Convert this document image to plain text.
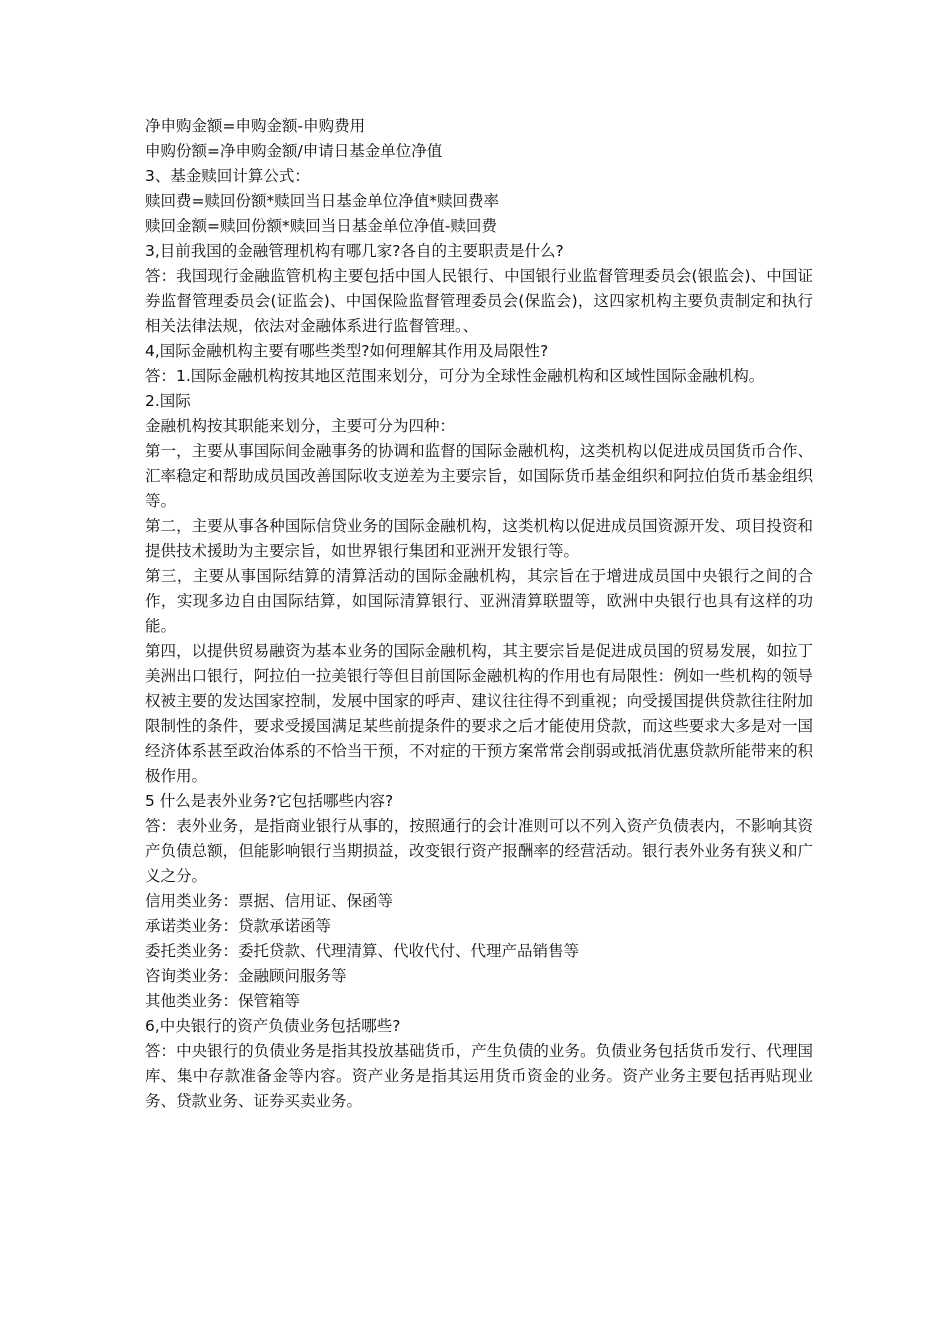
净申购金额=申购金额-申购费用

申购份额=净申购金额/申请日基金单位净值

3、基金赎回计算公式：

赎回费=赎回份额*赎回当日基金单位净值*赎回费率

赎回金额=赎回份额*赎回当日基金单位净值-赎回费

3,目前我国的金融管理机构有哪几家?各自的主要职责是什么?

答：我国现行金融监管机构主要包括中国人民银行、中国银行业监督管理委员会(银监会)、中国证券监督管理委员会(证监会)、中国保险监督管理委员会(保监会)，这四家机构主要负责制定和执行相关法律法规，依法对金融体系进行监督管理。、

4,国际金融机构主要有哪些类型?如何理解其作用及局限性?

答：1.国际金融机构按其地区范围来划分，可分为全球性金融机构和区域性国际金融机构。

2.国际

金融机构按其职能来划分，主要可分为四种：

第一，主要从事国际间金融事务的协调和监督的国际金融机构，这类机构以促进成员国货币合作、汇率稳定和帮助成员国改善国际收支逆差为主要宗旨，如国际货币基金组织和阿拉伯货币基金组织等。

第二，主要从事各种国际信贷业务的国际金融机构，这类机构以促进成员国资源开发、项目投资和提供技术援助为主要宗旨，如世界银行集团和亚洲开发银行等。

第三，主要从事国际结算的清算活动的国际金融机构，其宗旨在于增进成员国中央银行之间的合作，实现多边自由国际结算，如国际清算银行、亚洲清算联盟等，欧洲中央银行也具有这样的功能。

第四，以提供贸易融资为基本业务的国际金融机构，其主要宗旨是促进成员国的贸易发展，如拉丁美洲出口银行，阿拉伯一拉美银行等但目前国际金融机构的作用也有局限性：例如一些机构的领导权被主要的发达国家控制，发展中国家的呼声、建议往往得不到重视；向受援国提供贷款往往附加限制性的条件，要求受援国满足某些前提条件的要求之后才能使用贷款，而这些要求大多是对一国经济体系甚至政治体系的不恰当干预，不对症的干预方案常常会削弱或抵消优惠贷款所能带来的积极作用。

5 什么是表外业务?它包括哪些内容?

答：表外业务，是指商业银行从事的，按照通行的会计准则可以不列入资产负债表内，不影响其资产负债总额，但能影响银行当期损益，改变银行资产报酬率的经营活动。银行表外业务有狭义和广义之分。

信用类业务：票据、信用证、保函等

承诺类业务：贷款承诺函等

委托类业务：委托贷款、代理清算、代收代付、代理产品销售等

咨询类业务：金融顾问服务等

其他类业务：保管箱等

6,中央银行的资产负债业务包括哪些?

答：中央银行的负债业务是指其投放基础货币，产生负债的业务。负债业务包括货币发行、代理国库、集中存款准备金等内容。资产业务是指其运用货币资金的业务。资产业务主要包括再贴现业务、贷款业务、证券买卖业务。
